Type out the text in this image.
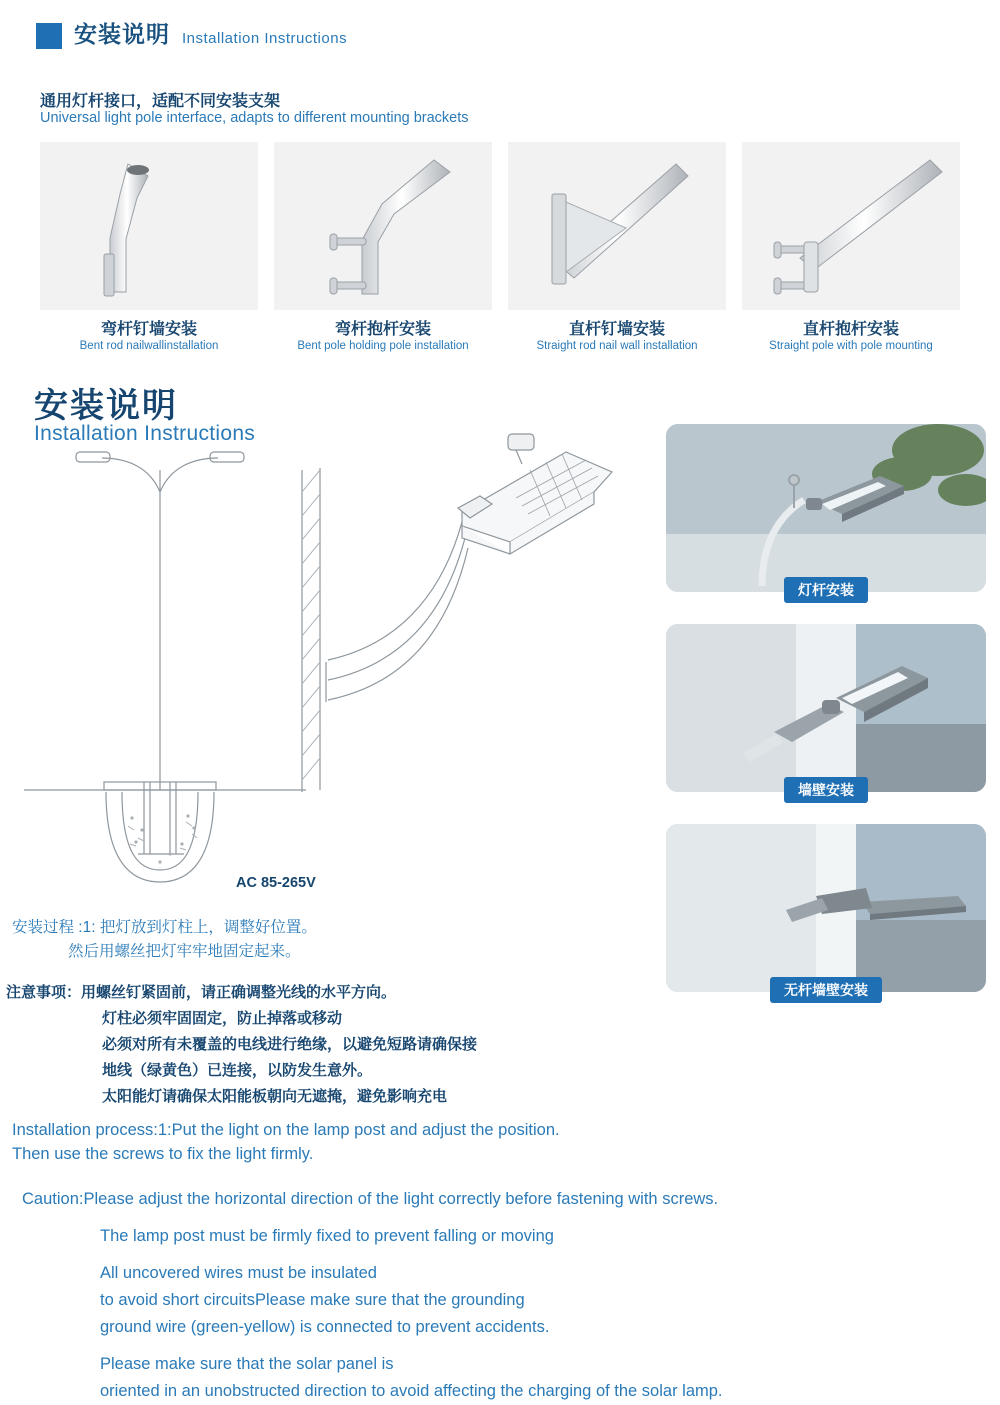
安装说明 Installation Instructions
通用灯杆接口，适配不同安装支架
Universal light pole interface, adapts to different mounting brackets
弯杆钉墙安装
Bent rod nailwallinstallation
弯杆抱杆安装
Bent pole holding pole installation
直杆钉墙安装
Straight rod nail wall installation
直杆抱杆安装
Straight pole with pole mounting
安装说明
Installation Instructions
AC 85-265V
灯杆安装
墙壁安装
无杆墙壁安装
安装过程 :1: 把灯放到灯柱上，调整好位置。
然后用螺丝把灯牢牢地固定起来。
注意事项：用螺丝钉紧固前，请正确调整光线的水平方向。
灯柱必须牢固固定，防止掉落或移动
必须对所有未覆盖的电线进行绝缘，以避免短路请确保接
地线（绿黄色）已连接，以防发生意外。
太阳能灯请确保太阳能板朝向无遮掩，避免影响充电
Installation process:1:Put the light on the lamp post and adjust the position.
Then use the screws to fix the light firmly.
Caution:Please adjust the horizontal direction of the light correctly before fastening with screws.
The lamp post must be firmly fixed to prevent falling or moving
All uncovered wires must be insulated
to avoid short circuitsPlease make sure that the grounding
ground wire (green-yellow) is connected to prevent accidents.
Please make sure that the solar panel is
oriented in an unobstructed direction to avoid affecting the charging of the solar lamp.
